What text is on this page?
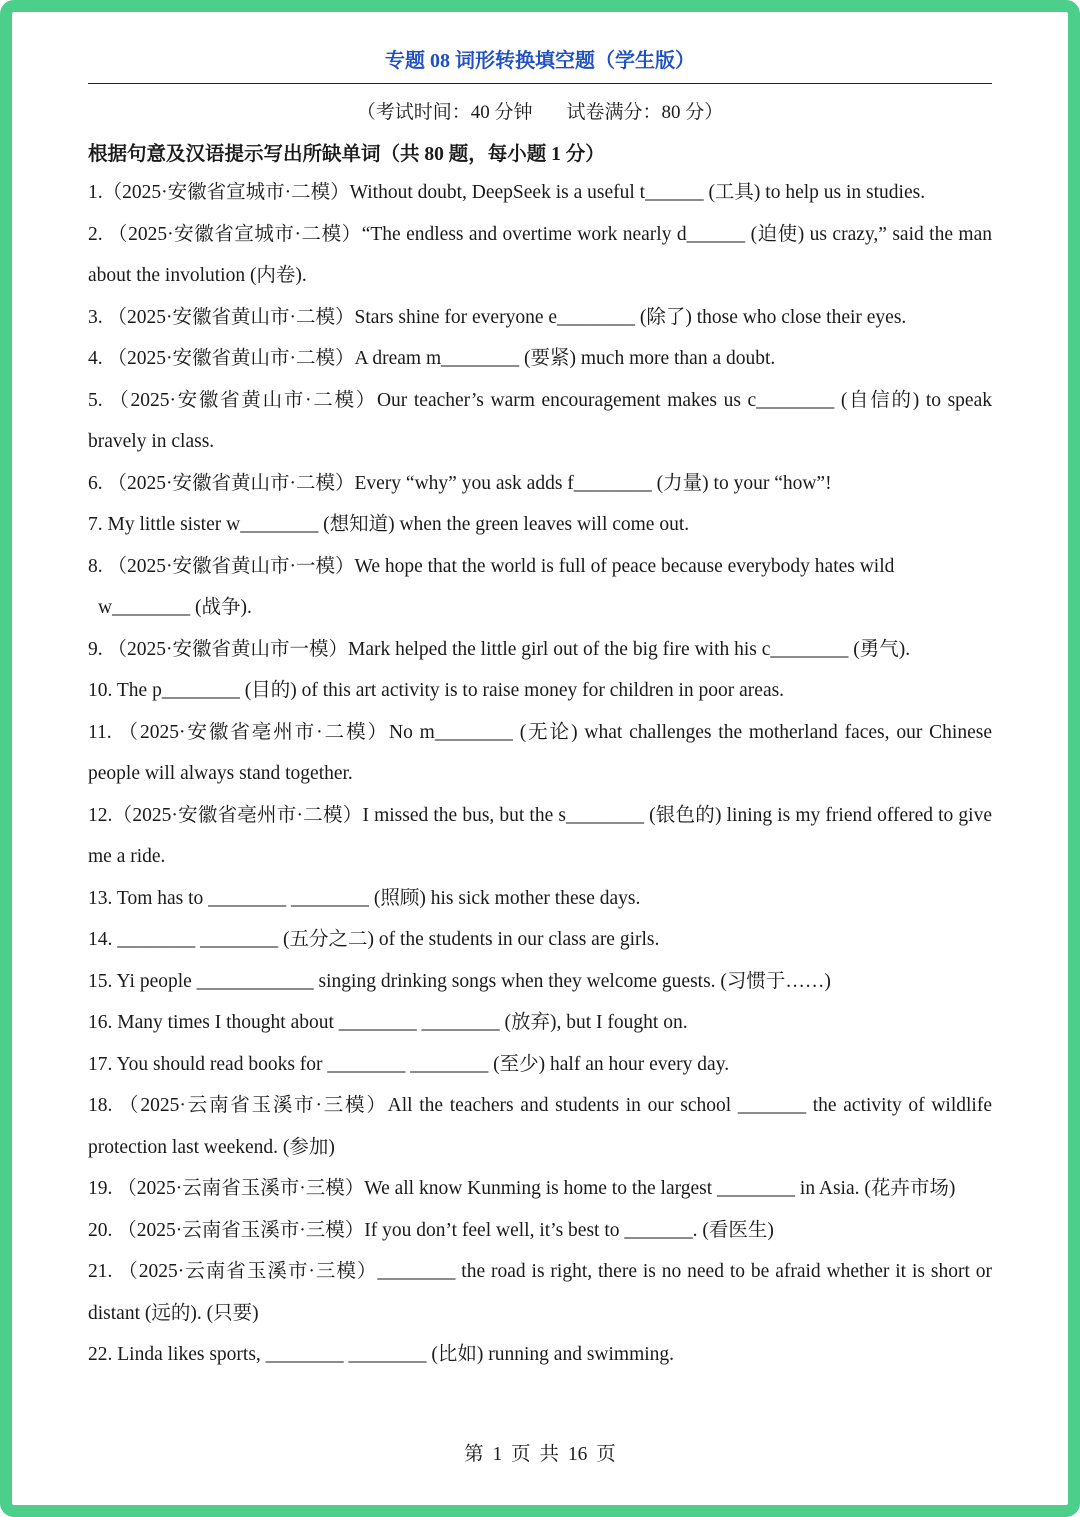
专题 08 词形转换填空题（学生版）
（考试时间：40 分钟 试卷满分：80 分）
根据句意及汉语提示写出所缺单词（共 80 题，每小题 1 分）

1.（2025·安徽省宣城市·二模）Without doubt, DeepSeek is a useful t______ (工具) to help us in studies.

2. （2025·安徽省宣城市·二模）“The endless and overtime work nearly d______ (迫使) us crazy,” said the man about the involution (内卷).

3. （2025·安徽省黄山市·二模）Stars shine for everyone e________ (除了) those who close their eyes.

4. （2025·安徽省黄山市·二模）A dream m________ (要紧) much more than a doubt.

5. （2025·安徽省黄山市·二模）Our teacher’s warm encouragement makes us c________ (自信的) to speak bravely in class.

6. （2025·安徽省黄山市·二模）Every “why” you ask adds f________ (力量) to your “how”!

7. My little sister w________ (想知道) when the green leaves will come out.

8. （2025·安徽省黄山市·一模）We hope that the world is full of peace because everybody hates wild

w________ (战争).

9. （2025·安徽省黄山市一模）Mark helped the little girl out of the big fire with his c________ (勇气).

10. The p________ (目的) of this art activity is to raise money for children in poor areas.

11. （2025·安徽省亳州市·二模）No m________ (无论) what challenges the motherland faces, our Chinese people will always stand together.

12.（2025·安徽省亳州市·二模）I missed the bus, but the s________ (银色的) lining is my friend offered to give me a ride.

13. Tom has to ________ ________ (照顾) his sick mother these days.

14. ________ ________ (五分之二) of the students in our class are girls.

15. Yi people ____________ singing drinking songs when they welcome guests. (习惯于……)

16. Many times I thought about ________ ________ (放弃), but I fought on.

17. You should read books for ________ ________ (至少) half an hour every day.

18. （2025·云南省玉溪市·三模）All the teachers and students in our school _______ the activity of wildlife protection last weekend. (参加)

19. （2025·云南省玉溪市·三模）We all know Kunming is home to the largest ________ in Asia. (花卉市场)

20. （2025·云南省玉溪市·三模）If you don’t feel well, it’s best to _______. (看医生)

21. （2025·云南省玉溪市·三模）________ the road is right, there is no need to be afraid whether it is short or distant (远的). (只要)

22. Linda likes sports, ________ ________ (比如) running and swimming.

第 1 页 共 16 页
